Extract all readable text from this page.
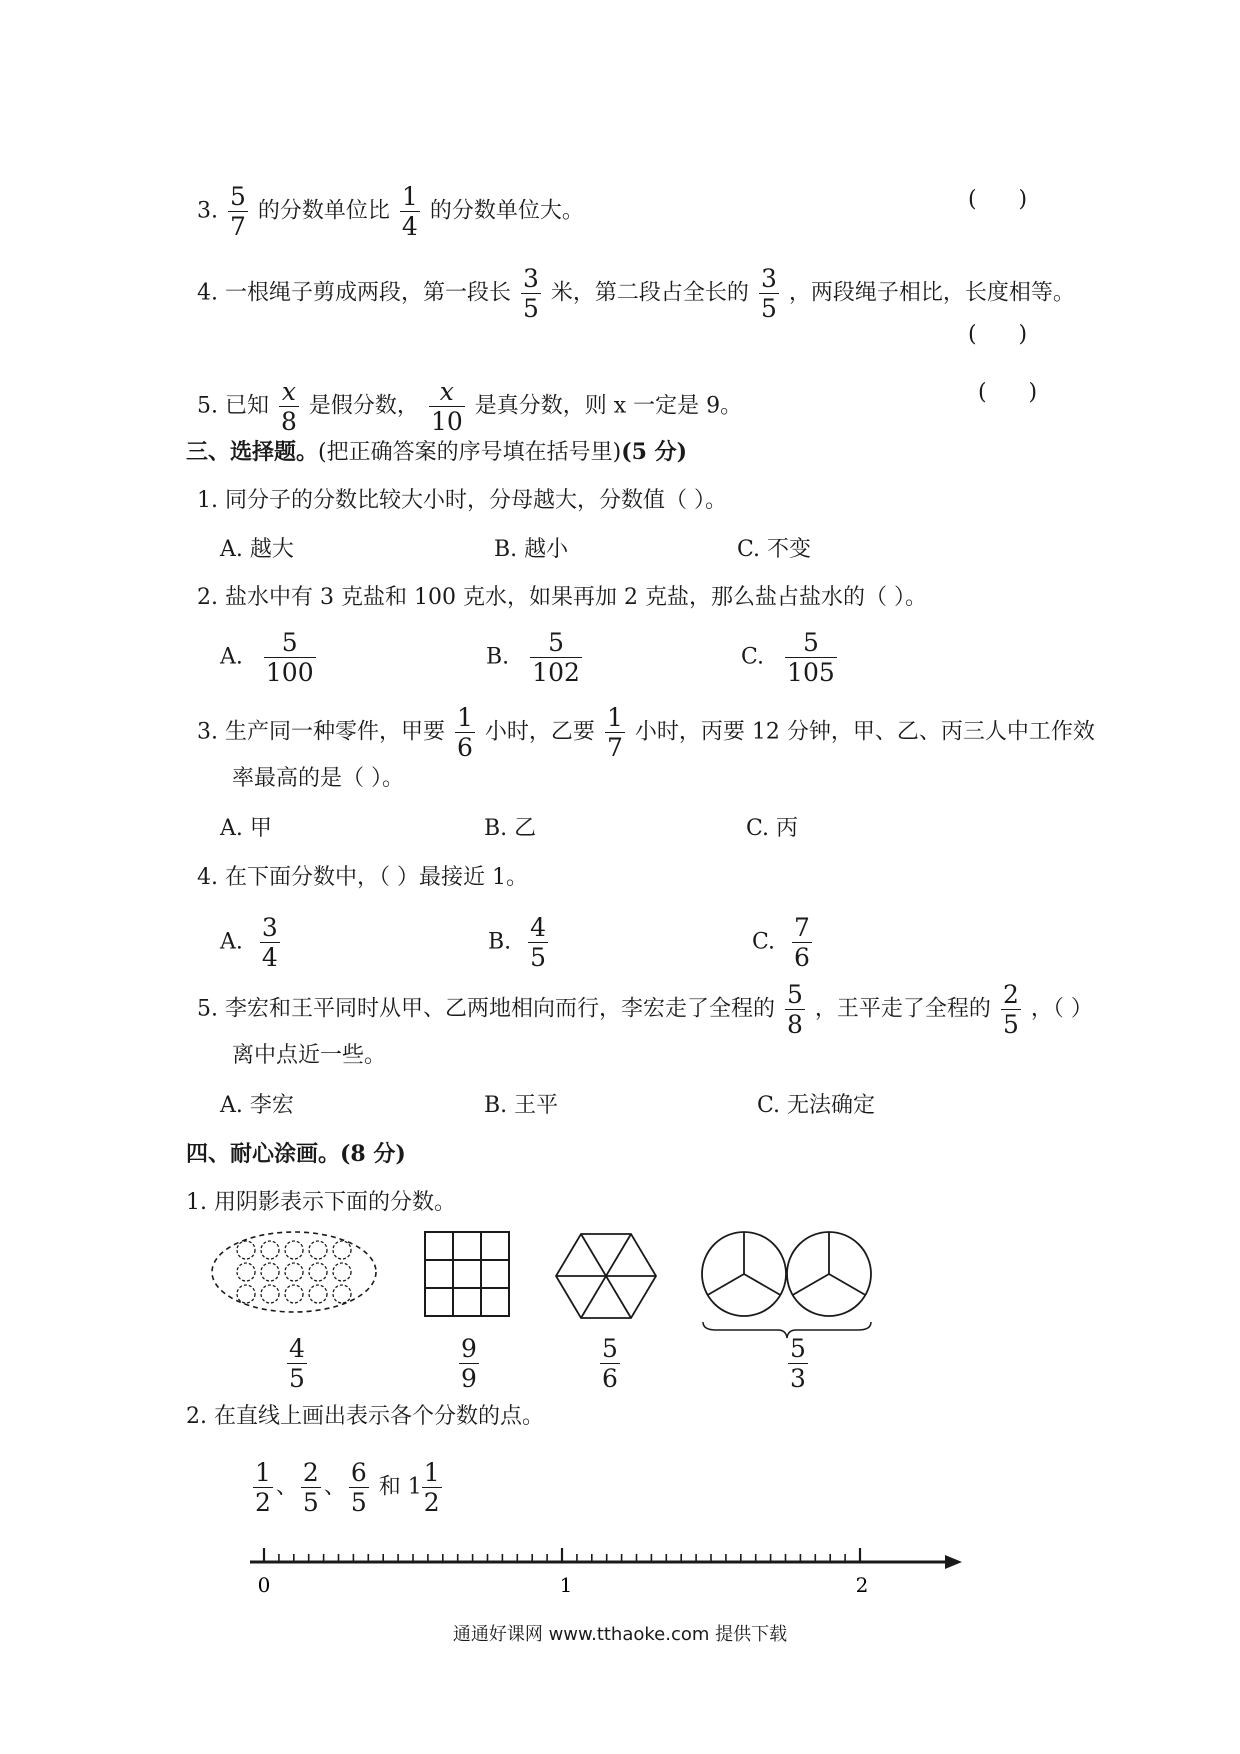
3. $\frac{5}{7}$ 的分数单位比 $\frac{1}{4}$ 的分数单位大。	(      )
4. 一根绳子剪成两段，第一段长 $\frac{3}{5}$ 米，第二段占全长的 $\frac{3}{5}$ ，两段绳子相比，长度相等。
(      )
5. 已知 $\frac{x}{8}$ 是假分数， $\frac{x}{10}$ 是真分数，则 x 一定是 9。
(      )
三、选择题。(把正确答案的序号填在括号里)(5 分)
1. 同分子的分数比较大小时，分母越大，分数值（ ）。
A. 越大	B. 越小	C. 不变
2. 盐水中有 3 克盐和 100 克水，如果再加 2 克盐，那么盐占盐水的（ ）。
A. $\frac{5}{100}$	B. $\frac{5}{102}$	C. $\frac{5}{105}$
3. 生产同一种零件，甲要 $\frac{1}{6}$ 小时，乙要 $\frac{1}{7}$ 小时，丙要 12 分钟，甲、乙、丙三人中工作效
率最高的是（ ）。
A. 甲	B. 乙	C. 丙
4. 在下面分数中，（ ）最接近 1。
A. $\frac{3}{4}$	B. $\frac{4}{5}$	C. $\frac{7}{6}$
5. 李宏和王平同时从甲、乙两地相向而行，李宏走了全程的 $\frac{5}{8}$ ，王平走了全程的 $\frac{2}{5}$ ，（ ）
离中点近一些。
A. 李宏	B. 王平	C. 无法确定
四、耐心涂画。(8 分)
1. 用阴影表示下面的分数。
$\frac{4}{5}$	$\frac{9}{9}$	$\frac{5}{6}$	$\frac{5}{3}$
2. 在直线上画出表示各个分数的点。
$\frac{1}{2}$ 、 $\frac{2}{5}$ 、 $\frac{6}{5}$ 和 $1 \frac{1}{2}$
0	1	2
通通好课网 www.tthaoke.com 提供下载
